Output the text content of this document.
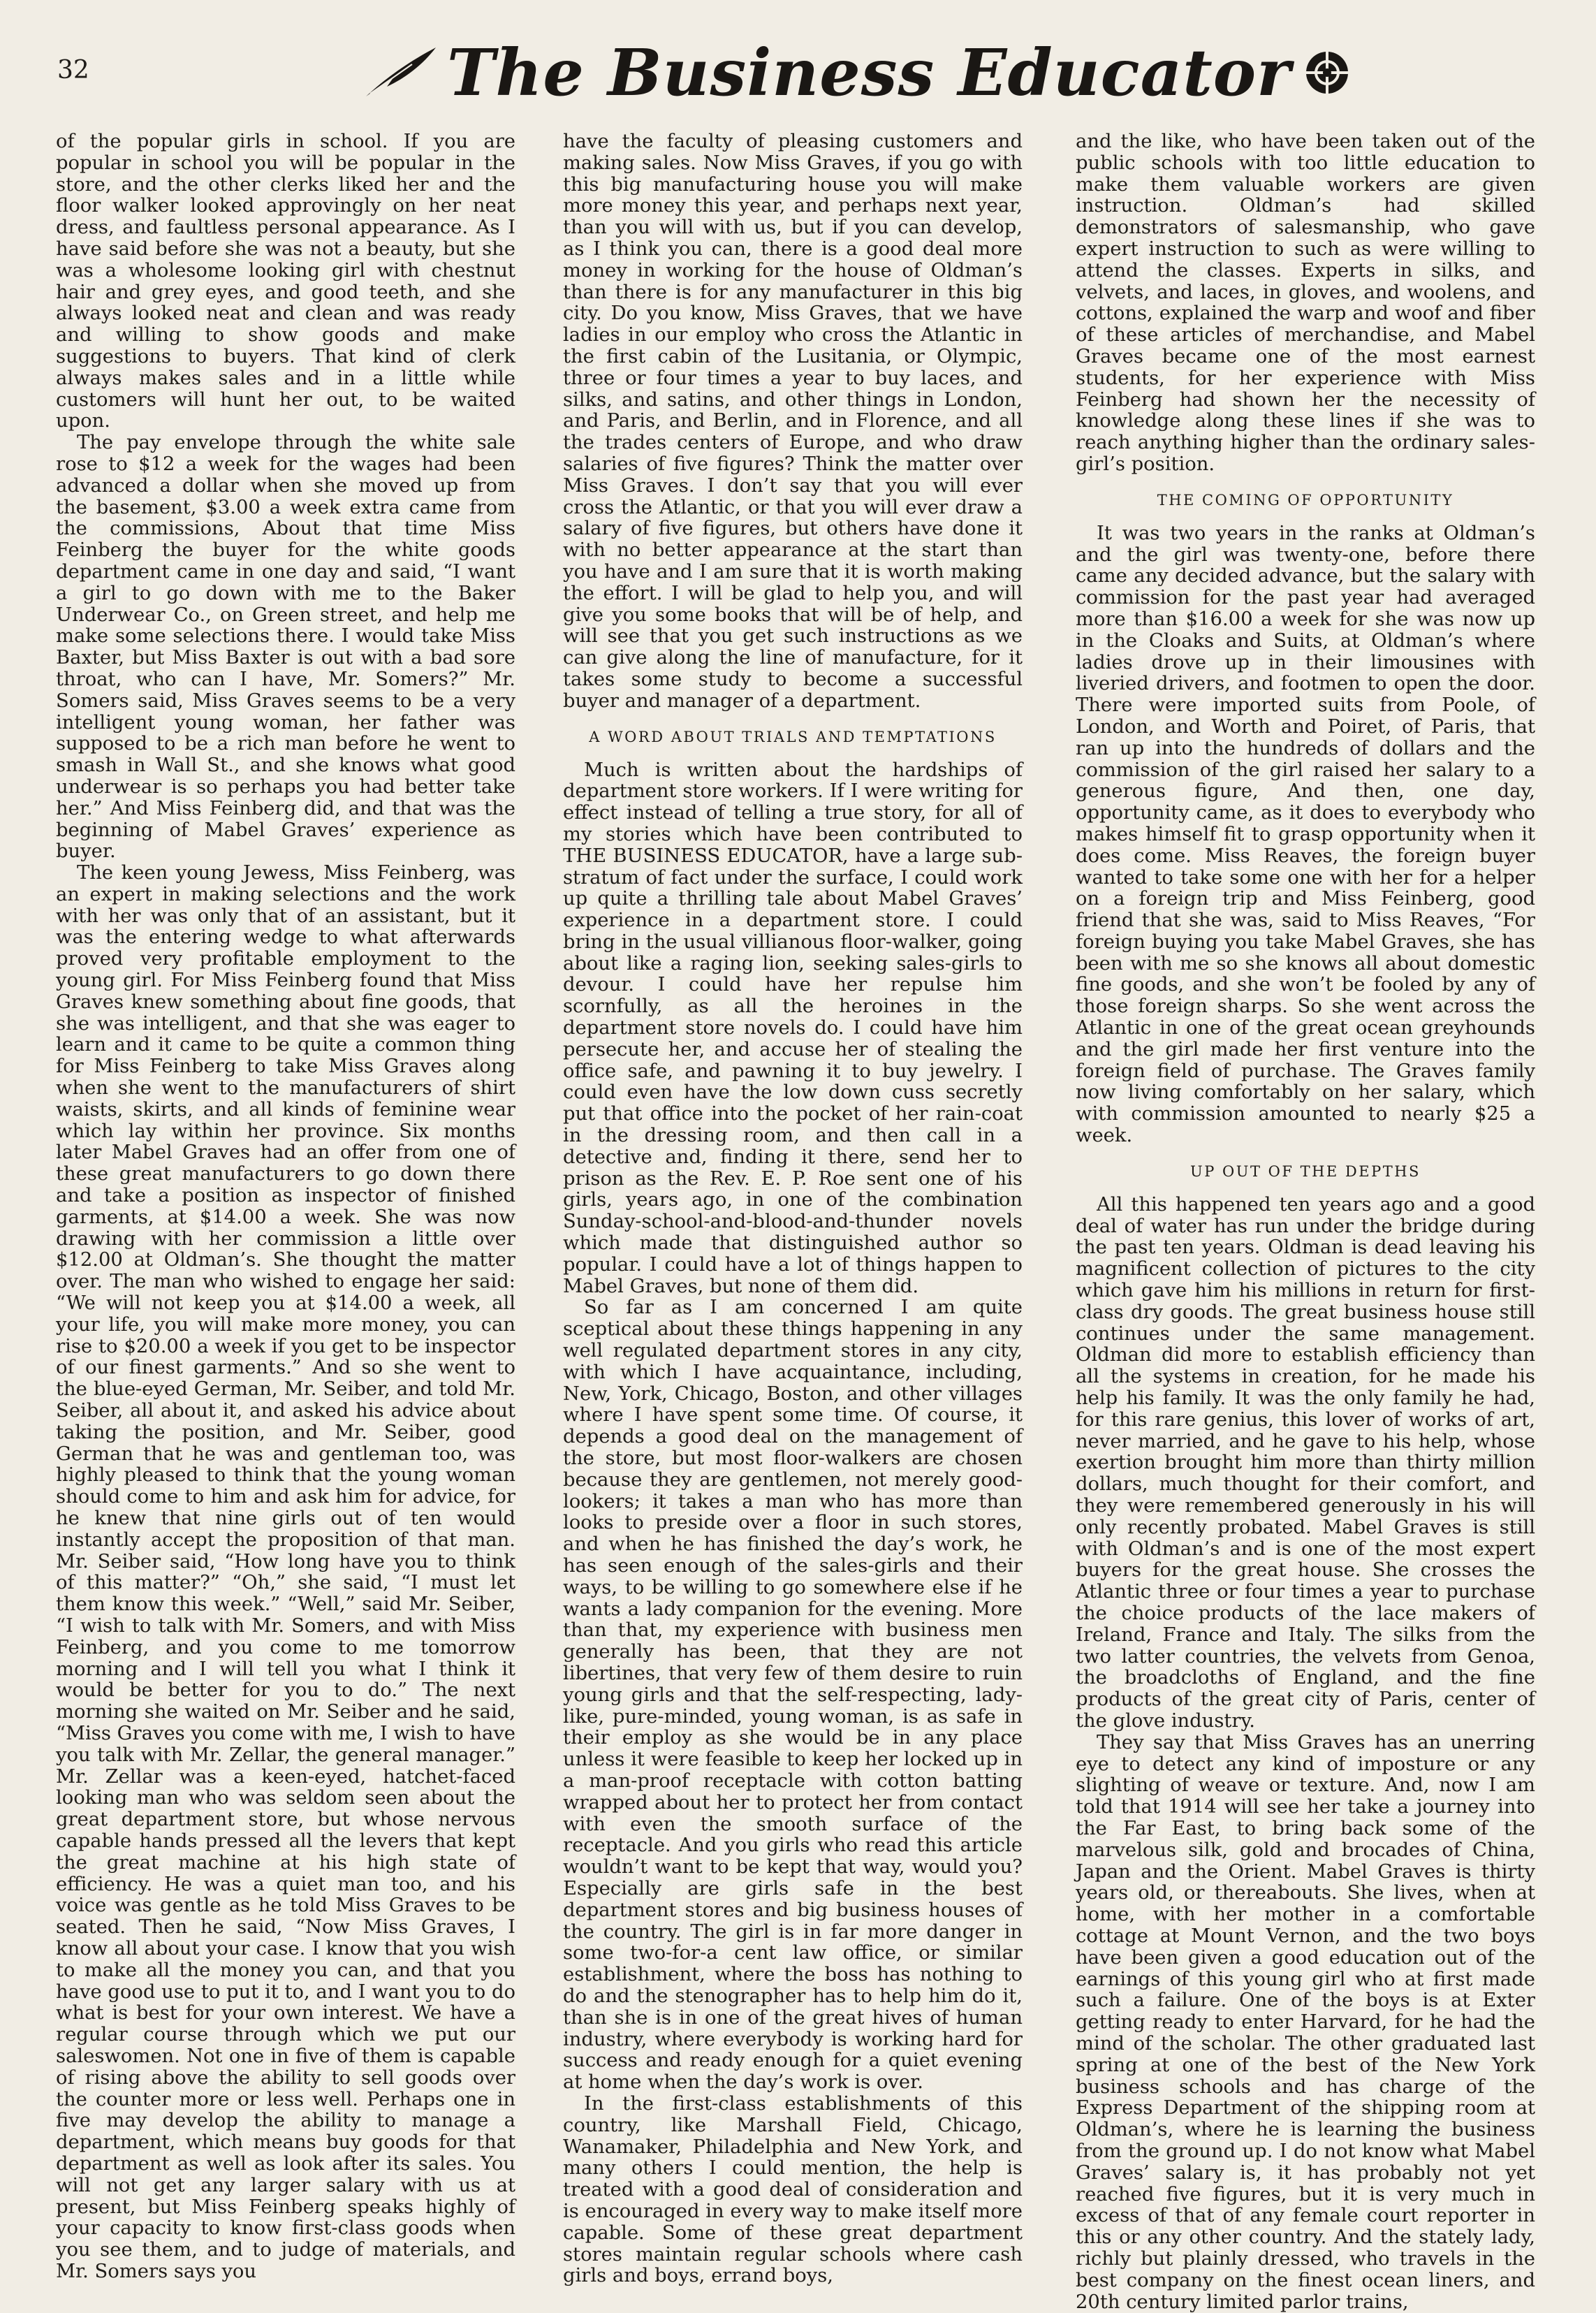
32	The Business Educator

of the popular girls in school. If you are popular in school you will be popular in the store, and the other clerks liked her and the floor walker looked approvingly on her neat dress, and faultless personal appearance. As I have said before she was not a beauty, but she was a wholesome looking girl with chestnut hair and grey eyes, and good teeth, and she always looked neat and clean and was ready and willing to show goods and make suggestions to buyers. That kind of clerk always makes sales and in a little while customers will hunt her out, to be waited upon.

The pay envelope through the white sale rose to $12 a week for the wages had been advanced a dollar when she moved up from the basement, $3.00 a week extra came from the commissions, About that time Miss Feinberg the buyer for the white goods department came in one day and said, “I want a girl to go down with me to the Baker Underwear Co., on Green street, and help me make some selections there. I would take Miss Baxter, but Miss Baxter is out with a bad sore throat, who can I have, Mr. Somers?” Mr. Somers said, Miss Graves seems to be a very intelligent young woman, her father was supposed to be a rich man before he went to smash in Wall St., and she knows what good underwear is so perhaps you had better take her.” And Miss Feinberg did, and that was the beginning of Mabel Graves’ experience as buyer.

The keen young Jewess, Miss Feinberg, was an expert in making selections and the work with her was only that of an assistant, but it was the entering wedge to what afterwards proved very profitable employment to the young girl. For Miss Feinberg found that Miss Graves knew something about fine goods, that she was intelligent, and that she was eager to learn and it came to be quite a common thing for Miss Feinberg to take Miss Graves along when she went to the manufacturers of shirt waists, skirts, and all kinds of feminine wear which lay within her province. Six months later Mabel Graves had an offer from one of these great manufacturers to go down there and take a position as inspector of finished garments, at $14.00 a week. She was now drawing with her commission a little over $12.00 at Oldman’s. She thought the matter over. The man who wished to engage her said: “We will not keep you at $14.00 a week, all your life, you will make more money, you can rise to $20.00 a week if you get to be inspector of our finest garments.” And so she went to the blue-eyed German, Mr. Seiber, and told Mr. Seiber, all about it, and asked his advice about taking the position, and Mr. Seiber, good German that he was and gentleman too, was highly pleased to think that the young woman should come to him and ask him for advice, for he knew that nine girls out of ten would instantly accept the proposition of that man. Mr. Seiber said, “How long have you to think of this matter?” “Oh,” she said, “I must let them know this week.” “Well,” said Mr. Seiber, “I wish to talk with Mr. Somers, and with Miss Feinberg, and you come to me tomorrow morning and I will tell you what I think it would be better for you to do.” The next morning she waited on Mr. Seiber and he said, “Miss Graves you come with me, I wish to have you talk with Mr. Zellar, the general manager.” Mr. Zellar was a keen-eyed, hatchet-faced looking man who was seldom seen about the great department store, but whose nervous capable hands pressed all the levers that kept the great machine at his high state of efficiency. He was a quiet man too, and his voice was gentle as he told Miss Graves to be seated. Then he said, “Now Miss Graves, I know all about your case. I know that you wish to make all the money you can, and that you have good use to put it to, and I want you to do what is best for your own interest. We have a regular course through which we put our saleswomen. Not one in five of them is capable of rising above the ability to sell goods over the counter more or less well. Perhaps one in five may develop the ability to manage a department, which means buy goods for that department as well as look after its sales. You will not get any larger salary with us at present, but Miss Feinberg speaks highly of your capacity to know first-class goods when you see them, and to judge of materials, and Mr. Somers says you

have the faculty of pleasing customers and making sales. Now Miss Graves, if you go with this big manufacturing house you will make more money this year, and perhaps next year, than you will with us, but if you can develop, as I think you can, there is a good deal more money in working for the house of Oldman’s than there is for any manufacturer in this big city. Do you know, Miss Graves, that we have ladies in our employ who cross the Atlantic in the first cabin of the Lusitania, or Olympic, three or four times a year to buy laces, and silks, and satins, and other things in London, and Paris, and Berlin, and in Florence, and all the trades centers of Europe, and who draw salaries of five figures? Think the matter over Miss Graves. I don’t say that you will ever cross the Atlantic, or that you will ever draw a salary of five figures, but others have done it with no better appearance at the start than you have and I am sure that it is worth making the effort. I will be glad to help you, and will give you some books that will be of help, and will see that you get such instructions as we can give along the line of manufacture, for it takes some study to become a successful buyer and manager of a department.

A WORD ABOUT TRIALS AND TEMPTATIONS

Much is written about the hardships of department store workers. If I were writing for effect instead of telling a true story, for all of my stories which have been contributed to THE BUSINESS EDUCATOR, have a large sub-stratum of fact under the surface, I could work up quite a thrilling tale about Mabel Graves’ experience in a department store. I could bring in the usual villianous floor-walker, going about like a raging lion, seeking sales-girls to devour. I could have her repulse him scornfully, as all the heroines in the department store novels do. I could have him persecute her, and accuse her of stealing the office safe, and pawning it to buy jewelry. I could even have the low down cuss secretly put that office into the pocket of her rain-coat in the dressing room, and then call in a detective and, finding it there, send her to prison as the Rev. E. P. Roe sent one of his girls, years ago, in one of the combination Sunday-school-and-blood-and-thunder novels which made that distinguished author so popular. I could have a lot of things happen to Mabel Graves, but none of them did.

So far as I am concerned I am quite sceptical about these things happening in any well regulated department stores in any city, with which I have acquaintance, including, New, York, Chicago, Boston, and other villages where I have spent some time. Of course, it depends a good deal on the management of the store, but most floor-walkers are chosen because they are gentlemen, not merely good-lookers; it takes a man who has more than looks to preside over a floor in such stores, and when he has finished the day’s work, he has seen enough of the sales-girls and their ways, to be willing to go somewhere else if he wants a lady companion for the evening. More than that, my experience with business men generally has been, that they are not libertines, that very few of them desire to ruin young girls and that the self-respecting, lady-like, pure-minded, young woman, is as safe in their employ as she would be in any place unless it were feasible to keep her locked up in a man-proof receptacle with cotton batting wrapped about her to protect her from contact with even the smooth surface of the receptacle. And you girls who read this article wouldn’t want to be kept that way, would you? Especially are girls safe in the best department stores and big business houses of the country. The girl is in far more danger in some two-for-a cent law office, or similar establishment, where the boss has nothing to do and the stenographer has to help him do it, than she is in one of the great hives of human industry, where everybody is working hard for success and ready enough for a quiet evening at home when the day’s work is over.

In the first-class establishments of this country, like Marshall Field, Chicago, Wanamaker, Philadelphia and New York, and many others I could mention, the help is treated with a good deal of consideration and is encouraged in every way to make itself more capable. Some of these great department stores maintain regular schools where cash girls and boys, errand boys,

and the like, who have been taken out of the public schools with too little education to make them valuable workers are given instruction. Oldman’s had skilled demonstrators of salesmanship, who gave expert instruction to such as were willing to attend the classes. Experts in silks, and velvets, and laces, in gloves, and woolens, and cottons, explained the warp and woof and fiber of these articles of merchandise, and Mabel Graves became one of the most earnest students, for her experience with Miss Feinberg had shown her the necessity of knowledge along these lines if she was to reach anything higher than the ordinary sales-girl’s position.

THE COMING OF OPPORTUNITY

It was two years in the ranks at Oldman’s and the girl was twenty-one, before there came any decided advance, but the salary with commission for the past year had averaged more than $16.00 a week for she was now up in the Cloaks and Suits, at Oldman’s where ladies drove up in their limousines with liveried drivers, and footmen to open the door. There were imported suits from Poole, of London, and Worth and Poiret, of Paris, that ran up into the hundreds of dollars and the commission of the girl raised her salary to a generous figure, And then, one day, opportunity came, as it does to everybody who makes himself fit to grasp opportunity when it does come. Miss Reaves, the foreign buyer wanted to take some one with her for a helper on a foreign trip and Miss Feinberg, good friend that she was, said to Miss Reaves, “For foreign buying you take Mabel Graves, she has been with me so she knows all about domestic fine goods, and she won’t be fooled by any of those foreign sharps. So she went across the Atlantic in one of the great ocean greyhounds and the girl made her first venture into the foreign field of purchase. The Graves family now living comfortably on her salary, which with commission amounted to nearly $25 a week.

UP OUT OF THE DEPTHS

All this happened ten years ago and a good deal of water has run under the bridge during the past ten years. Oldman is dead leaving his magnificent collection of pictures to the city which gave him his millions in return for first-class dry goods. The great business house still continues under the same management. Oldman did more to establish efficiency than all the systems in creation, for he made his help his family. It was the only family he had, for this rare genius, this lover of works of art, never married, and he gave to his help, whose exertion brought him more than thirty million dollars, much thought for their comfort, and they were remembered generously in his will only recently probated. Mabel Graves is still with Oldman’s and is one of the most expert buyers for the great house. She crosses the Atlantic three or four times a year to purchase the choice products of the lace makers of Ireland, France and Italy. The silks from the two latter countries, the velvets from Genoa, the broadcloths of England, and the fine products of the great city of Paris, center of the glove industry.

They say that Miss Graves has an unerring eye to detect any kind of imposture or any slighting of weave or texture. And, now I am told that 1914 will see her take a journey into the Far East, to bring back some of the marvelous silk, gold and brocades of China, Japan and the Orient. Mabel Graves is thirty years old, or thereabouts. She lives, when at home, with her mother in a comfortable cottage at Mount Vernon, and the two boys have been given a good education out of the earnings of this young girl who at first made such a failure. One of the boys is at Exter getting ready to enter Harvard, for he had the mind of the scholar. The other graduated last spring at one of the best of the New York business schools and has charge of the Express Department of the shipping room at Oldman’s, where he is learning the business from the ground up. I do not know what Mabel Graves’ salary is, it has probably not yet reached five figures, but it is very much in excess of that of any female court reporter in this or any other country. And the stately lady, richly but plainly dressed, who travels in the best company on the finest ocean liners, and 20th century limited parlor trains,
